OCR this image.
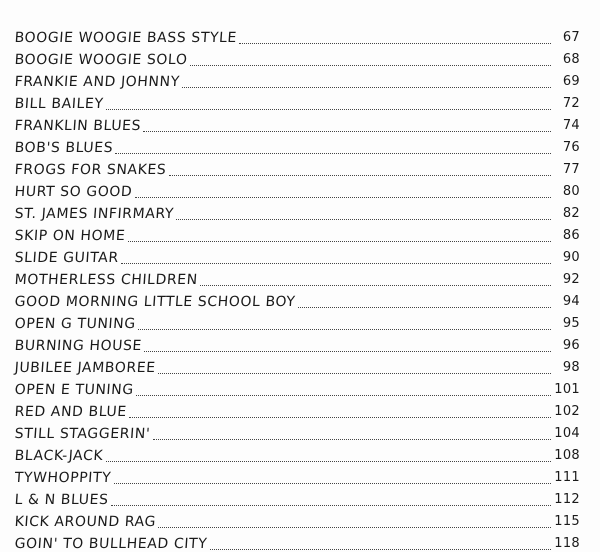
BOOGIE WOOGIE BASS STYLE	67
BOOGIE WOOGIE SOLO	68
FRANKIE AND JOHNNY	69
BILL BAILEY	72
FRANKLIN BLUES	74
BOB'S BLUES	76
FROGS FOR SNAKES	77
HURT SO GOOD	80
ST. JAMES INFIRMARY	82
SKIP ON HOME	86
SLIDE GUITAR	90
MOTHERLESS CHILDREN	92
GOOD MORNING LITTLE SCHOOL BOY	94
OPEN G TUNING	95
BURNING HOUSE	96
JUBILEE JAMBOREE	98
OPEN E TUNING	101
RED AND BLUE	102
STILL STAGGERIN'	104
BLACK-JACK	108
TYWHOPPITY	111
L & N BLUES	112
KICK AROUND RAG	115
GOIN' TO BULLHEAD CITY	118
